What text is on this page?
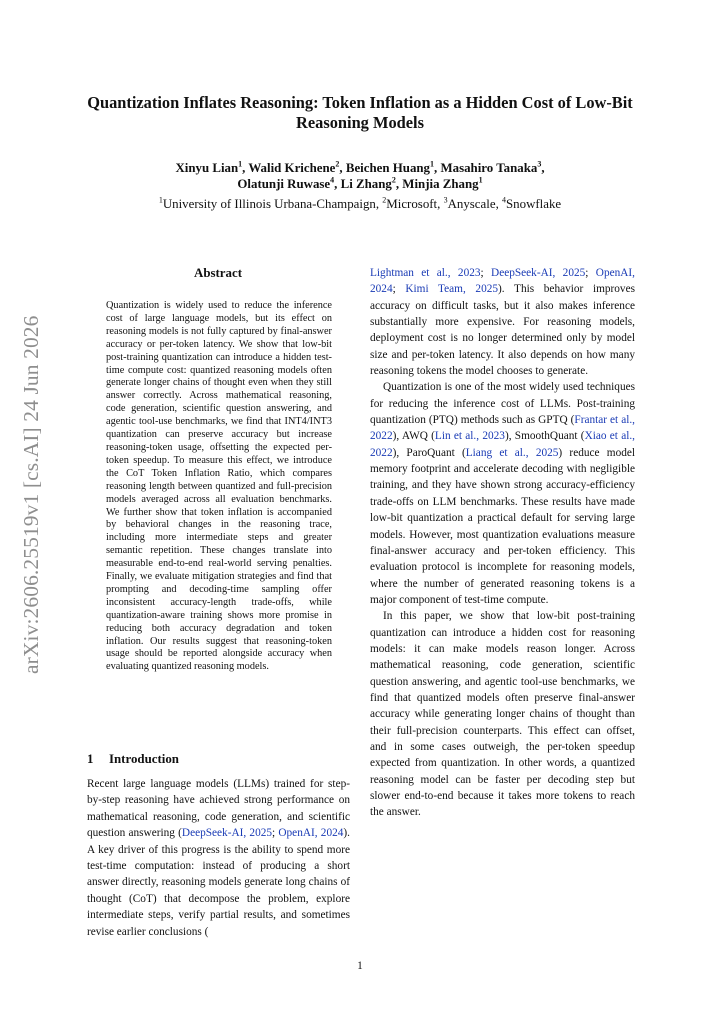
arXiv:2606.25519v1 [cs.AI] 24 Jun 2026
Quantization Inflates Reasoning: Token Inflation as a Hidden Cost of Low-Bit Reasoning Models
Xinyu Lian$^1$, Walid Krichene$^2$, Beichen Huang$^1$, Masahiro Tanaka$^3$,
Olatunji Ruwase$^4$, Li Zhang$^2$, Minjia Zhang$^1$
$^1$University of Illinois Urbana-Champaign, $^2$Microsoft, $^3$Anyscale, $^4$Snowflake
Abstract
Quantization is widely used to reduce the inference cost of large language models, but its effect on reasoning models is not fully captured by final-answer accuracy or per-token latency. We show that low-bit post-training quantization can introduce a hidden test-time compute cost: quantized reasoning models often generate longer chains of thought even when they still answer correctly. Across mathematical reasoning, code generation, scientific question answering, and agentic tool-use benchmarks, we find that INT4/INT3 quantization can preserve accuracy but increase reasoning-token usage, offsetting the expected per-token speedup. To measure this effect, we introduce the CoT Token Inflation Ratio, which compares reasoning length between quantized and full-precision models averaged across all evaluation benchmarks. We further show that token inflation is accompanied by behavioral changes in the reasoning trace, including more intermediate steps and greater semantic repetition. These changes translate into measurable end-to-end real-world serving penalties. Finally, we evaluate mitigation strategies and find that prompting and decoding-time sampling offer inconsistent accuracy-length trade-offs, while quantization-aware training shows more promise in reducing both accuracy degradation and token inflation. Our results suggest that reasoning-token usage should be reported alongside accuracy when evaluating quantized reasoning models.
1 Introduction
Recent large language models (LLMs) trained for step-by-step reasoning have achieved strong performance on mathematical reasoning, code generation, and scientific question answering (DeepSeek-AI, 2025; OpenAI, 2024). A key driver of this progress is the ability to spend more test-time computation: instead of producing a short answer directly, reasoning models generate long chains of thought (CoT) that decompose the problem, explore intermediate steps, verify partial results, and sometimes revise earlier conclusions (

Lightman et al., 2023; DeepSeek-AI, 2025; OpenAI, 2024; Kimi Team, 2025). This behavior improves accuracy on difficult tasks, but it also makes inference substantially more expensive. For reasoning models, deployment cost is no longer determined only by model size and per-token latency. It also depends on how many reasoning tokens the model chooses to generate.

Quantization is one of the most widely used techniques for reducing the inference cost of LLMs. Post-training quantization (PTQ) methods such as GPTQ (Frantar et al., 2022), AWQ (Lin et al., 2023), SmoothQuant (Xiao et al., 2022), ParoQuant (Liang et al., 2025) reduce model memory footprint and accelerate decoding with negligible training, and they have shown strong accuracy-efficiency trade-offs on LLM benchmarks. These results have made low-bit quantization a practical default for serving large models. However, most quantization evaluations measure final-answer accuracy and per-token efficiency. This evaluation protocol is incomplete for reasoning models, where the number of generated reasoning tokens is a major component of test-time compute.

In this paper, we show that low-bit post-training quantization can introduce a hidden cost for reasoning models: it can make models reason longer. Across mathematical reasoning, code generation, scientific question answering, and agentic tool-use benchmarks, we find that quantized models often preserve final-answer accuracy while generating longer chains of thought than their full-precision counterparts. This effect can offset, and in some cases outweigh, the per-token speedup expected from quantization. In other words, a quantized reasoning model can be faster per decoding step but slower end-to-end because it takes more tokens to reach the answer.

1
